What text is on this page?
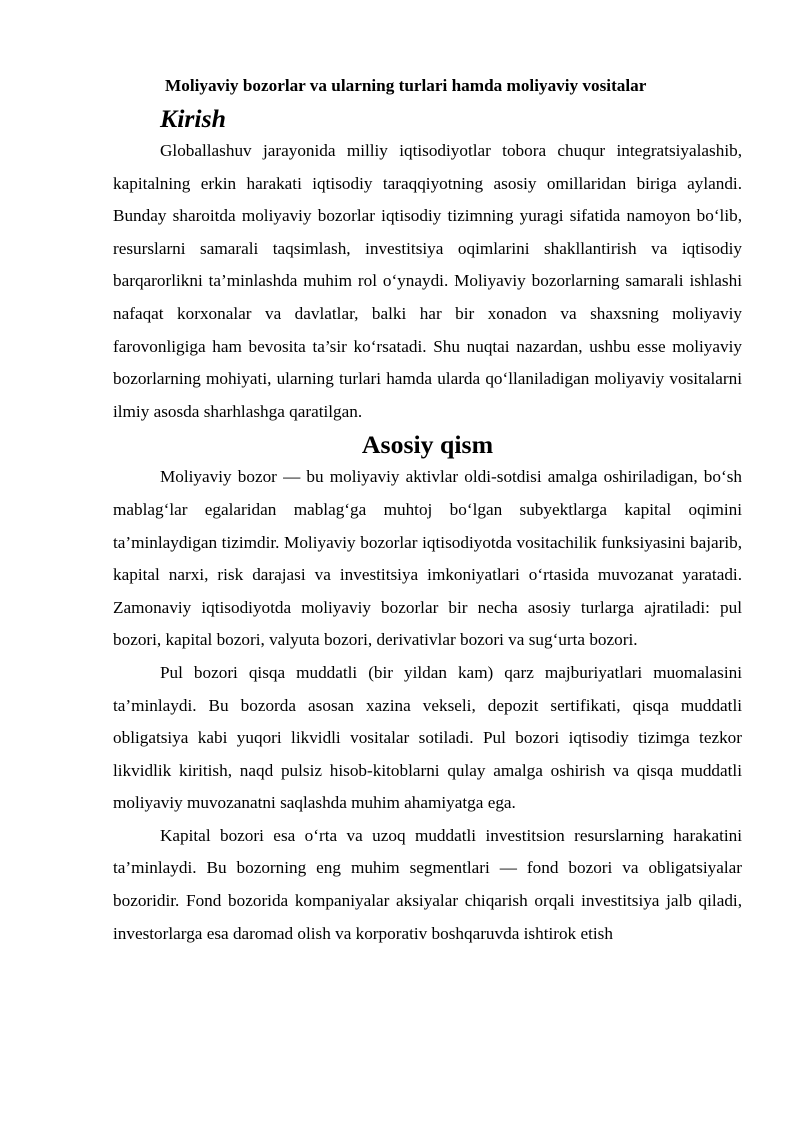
Moliyaviy bozorlar va ularning turlari hamda moliyaviy vositalar
Kirish

Globallashuv jarayonida milliy iqtisodiyotlar tobora chuqur integratsiyalashib, kapitalning erkin harakati iqtisodiy taraqqiyotning asosiy omillaridan biriga aylandi. Bunday sharoitda moliyaviy bozorlar iqtisodiy tizimning yuragi sifatida namoyon bo‘lib, resurslarni samarali taqsimlash, investitsiya oqimlarini shakllantirish va iqtisodiy barqarorlikni ta’minlashda muhim rol o‘ynaydi. Moliyaviy bozorlarning samarali ishlashi nafaqat korxonalar va davlatlar, balki har bir xonadon va shaxsning moliyaviy farovonligiga ham bevosita ta’sir ko‘rsatadi. Shu nuqtai nazardan, ushbu esse moliyaviy bozorlarning mohiyati, ularning turlari hamda ularda qo‘llaniladigan moliyaviy vositalarni ilmiy asosda sharhlashga qaratilgan.

Asosiy qism

Moliyaviy bozor — bu moliyaviy aktivlar oldi-sotdisi amalga oshiriladigan, bo‘sh mablag‘lar egalaridan mablag‘ga muhtoj bo‘lgan subyektlarga kapital oqimini ta’minlaydigan tizimdir. Moliyaviy bozorlar iqtisodiyotda vositachilik funksiyasini bajarib, kapital narxi, risk darajasi va investitsiya imkoniyatlari o‘rtasida muvozanat yaratadi. Zamonaviy iqtisodiyotda moliyaviy bozorlar bir necha asosiy turlarga ajratiladi: pul bozori, kapital bozori, valyuta bozori, derivativlar bozori va sug‘urta bozori.

Pul bozori qisqa muddatli (bir yildan kam) qarz majburiyatlari muomalasini ta’minlaydi. Bu bozorda asosan xazina vekseli, depozit sertifikati, qisqa muddatli obligatsiya kabi yuqori likvidli vositalar sotiladi. Pul bozori iqtisodiy tizimga tezkor likvidlik kiritish, naqd pulsiz hisob-kitoblarni qulay amalga oshirish va qisqa muddatli moliyaviy muvozanatni saqlashda muhim ahamiyatga ega.

Kapital bozori esa o‘rta va uzoq muddatli investitsion resurslarning harakatini ta’minlaydi. Bu bozorning eng muhim segmentlari — fond bozori va obligatsiyalar bozoridir. Fond bozorida kompaniyalar aksiyalar chiqarish orqali investitsiya jalb qiladi, investorlarga esa daromad olish va korporativ boshqaruvda ishtirok etish
